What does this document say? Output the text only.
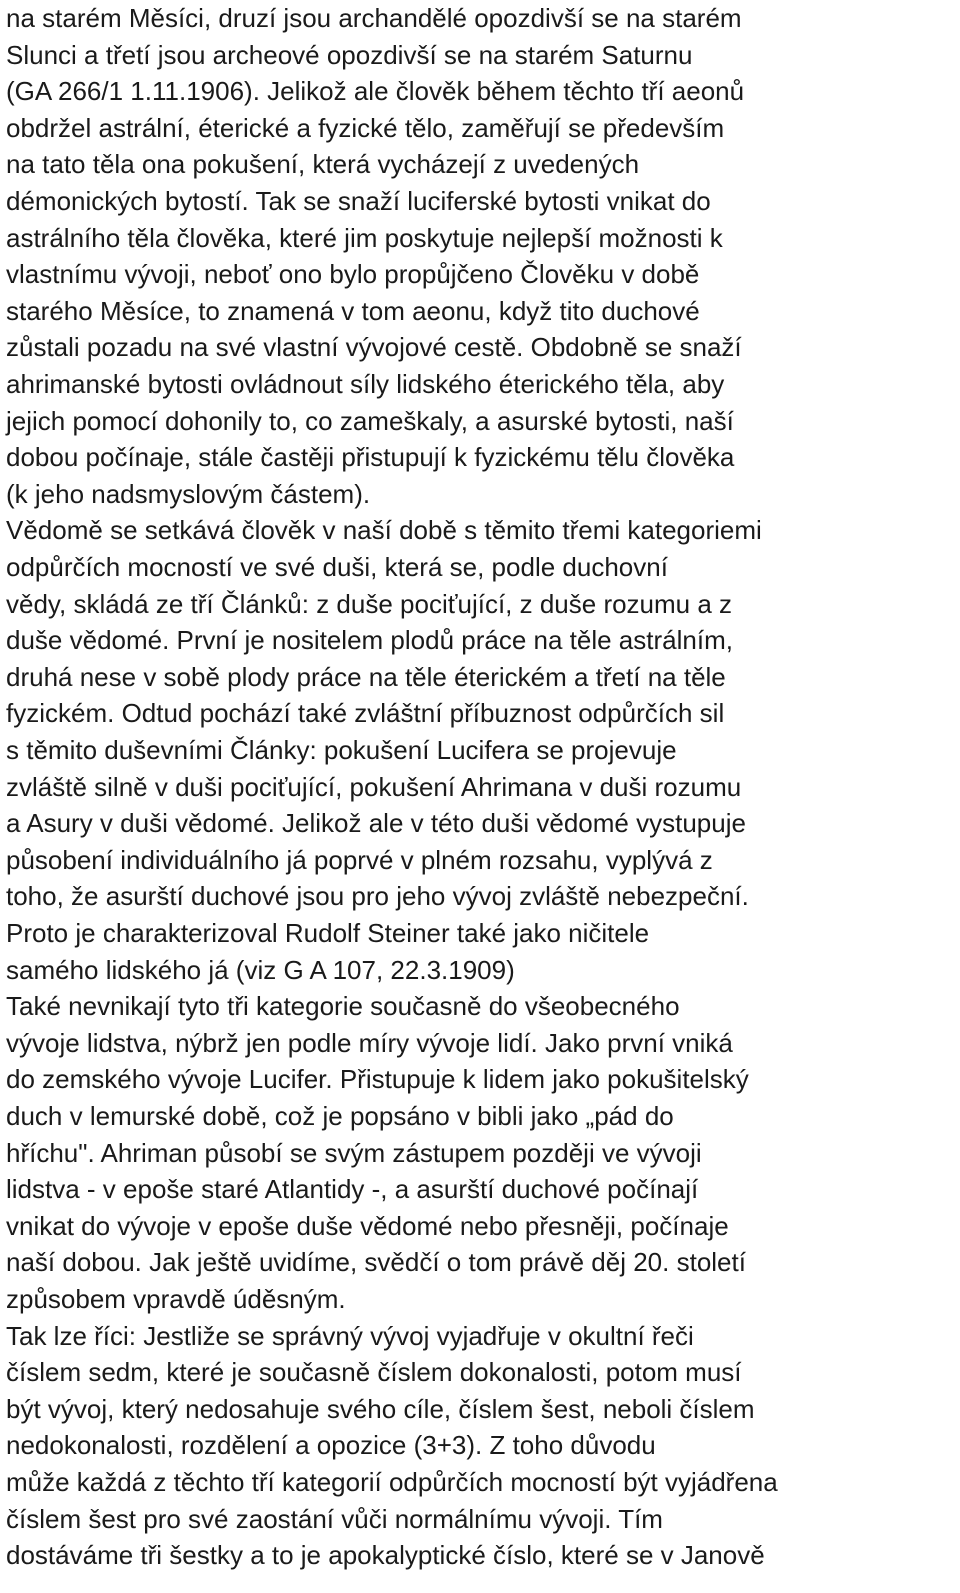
na starém Měsíci, druzí jsou archandělé opozdivší se na starém
Slunci a třetí jsou archeové opozdivší se na starém Saturnu
(GA 266/1 1.11.1906). Jelikož ale člověk během těchto tří aeonů
obdržel astrální, éterické a fyzické tělo, zaměřují se především
na tato těla ona pokušení, která vycházejí z uvedených
démonických bytostí. Tak se snaží luciferské bytosti vnikat do
astrálního těla člověka, které jim poskytuje nejlepší možnosti k
vlastnímu vývoji, neboť ono bylo propůjčeno Člověku v době
starého Měsíce, to znamená v tom aeonu, když tito duchové
zůstali pozadu na své vlastní vývojové cestě. Obdobně se snaží
ahrimanské bytosti ovládnout síly lidského éterického těla, aby
jejich pomocí dohonily to, co zameškaly, a asurské bytosti, naší
dobou počínaje, stále častěji přistupují k fyzickému tělu člověka
(k jeho nadsmyslovým částem).
Vědomě se setkává člověk v naší době s těmito třemi kategoriemi
odpůrčích mocností ve své duši, která se, podle duchovní
vědy, skládá ze tří Článků: z duše pociťující, z duše rozumu a z
duše vědomé. První je nositelem plodů práce na těle astrálním,
druhá nese v sobě plody práce na těle éterickém a třetí na těle
fyzickém. Odtud pochází také zvláštní příbuznost odpůrčích sil
s těmito duševními Články: pokušení Lucifera se projevuje
zvláště silně v duši pociťující, pokušení Ahrimana v duši rozumu
a Asury v duši vědomé. Jelikož ale v této duši vědomé vystupuje
působení individuálního já poprvé v plném rozsahu, vyplývá z
toho, že asurští duchové jsou pro jeho vývoj zvláště nebezpeční.
Proto je charakterizoval Rudolf Steiner také jako ničitele
samého lidského já (viz G A 107, 22.3.1909)
Také nevnikají tyto tři kategorie současně do všeobecného
vývoje lidstva, nýbrž jen podle míry vývoje lidí. Jako první vniká
do zemského vývoje Lucifer. Přistupuje k lidem jako pokušitelský
duch v lemurské době, což je popsáno v bibli jako „pád do
hříchu". Ahriman působí se svým zástupem později ve vývoji
lidstva - v epoše staré Atlantidy -, a asurští duchové počínají
vnikat do vývoje v epoše duše vědomé nebo přesněji, počínaje
naší dobou. Jak ještě uvidíme, svědčí o tom právě děj 20. století
způsobem vpravdě úděsným.
Tak lze říci: Jestliže se správný vývoj vyjadřuje v okultní řeči
číslem sedm, které je současně číslem dokonalosti, potom musí
být vývoj, který nedosahuje svého cíle, číslem šest, neboli číslem
nedokonalosti, rozdělení a opozice (3+3). Z toho důvodu
může každá z těchto tří kategorií odpůrčích mocností být vyjádřena
číslem šest pro své zaostání vůči normálnímu vývoji. Tím
dostáváme tři šestky a to je apokalyptické číslo, které se v Janově
